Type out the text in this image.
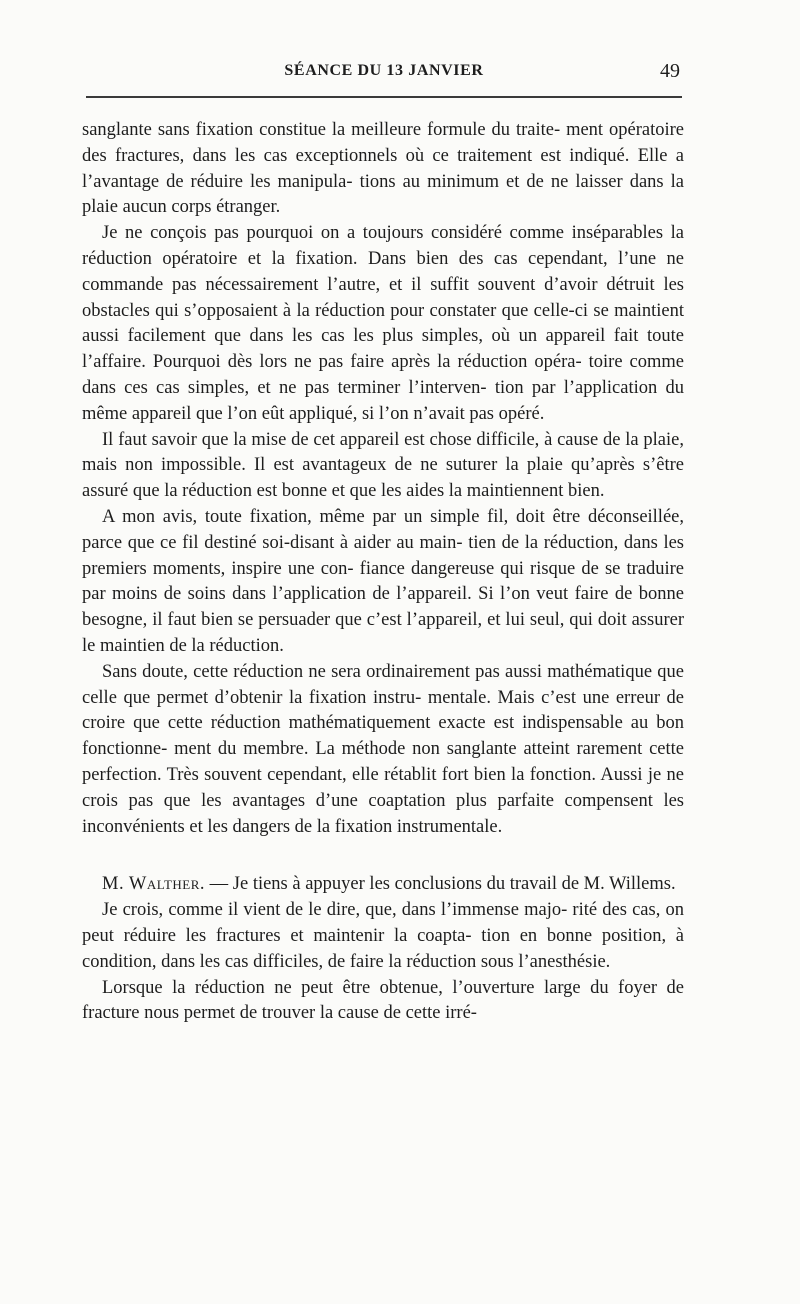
SÉANCE DU 13 JANVIER	49

sanglante sans fixation constitue la meilleure formule du traite- ment opératoire des fractures, dans les cas exceptionnels où ce traitement est indiqué. Elle a l’avantage de réduire les manipula- tions au minimum et de ne laisser dans la plaie aucun corps étranger.

Je ne conçois pas pourquoi on a toujours considéré comme inséparables la réduction opératoire et la fixation. Dans bien des cas cependant, l’une ne commande pas nécessairement l’autre, et il suffit souvent d’avoir détruit les obstacles qui s’opposaient à la réduction pour constater que celle-ci se maintient aussi facilement que dans les cas les plus simples, où un appareil fait toute l’affaire. Pourquoi dès lors ne pas faire après la réduction opéra- toire comme dans ces cas simples, et ne pas terminer l’interven- tion par l’application du même appareil que l’on eût appliqué, si l’on n’avait pas opéré.

Il faut savoir que la mise de cet appareil est chose difficile, à cause de la plaie, mais non impossible. Il est avantageux de ne suturer la plaie qu’après s’être assuré que la réduction est bonne et que les aides la maintiennent bien.

A mon avis, toute fixation, même par un simple fil, doit être déconseillée, parce que ce fil destiné soi-disant à aider au main- tien de la réduction, dans les premiers moments, inspire une con- fiance dangereuse qui risque de se traduire par moins de soins dans l’application de l’appareil. Si l’on veut faire de bonne besogne, il faut bien se persuader que c’est l’appareil, et lui seul, qui doit assurer le maintien de la réduction.

Sans doute, cette réduction ne sera ordinairement pas aussi mathématique que celle que permet d’obtenir la fixation instru- mentale. Mais c’est une erreur de croire que cette réduction mathématiquement exacte est indispensable au bon fonctionne- ment du membre. La méthode non sanglante atteint rarement cette perfection. Très souvent cependant, elle rétablit fort bien la fonction. Aussi je ne crois pas que les avantages d’une coaptation plus parfaite compensent les inconvénients et les dangers de la fixation instrumentale.

M. Walther. — Je tiens à appuyer les conclusions du travail de M. Willems.

Je crois, comme il vient de le dire, que, dans l’immense majo- rité des cas, on peut réduire les fractures et maintenir la coapta- tion en bonne position, à condition, dans les cas difficiles, de faire la réduction sous l’anesthésie.

Lorsque la réduction ne peut être obtenue, l’ouverture large du foyer de fracture nous permet de trouver la cause de cette irré-
